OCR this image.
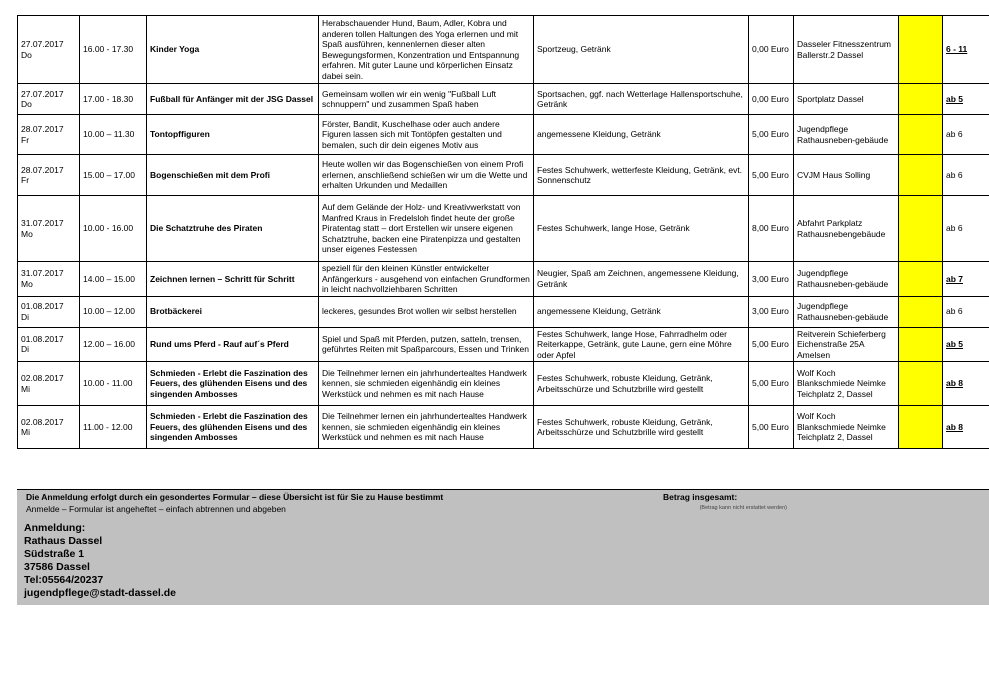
27.07.2017
Do	16.00 - 17.30	Kinder Yoga	Herabschauender Hund, Baum, Adler, Kobra und anderen tollen Haltungen des Yoga erlernen und mit Spaß ausführen, kennenlernen dieser alten Bewegungsformen, Konzentration und Entspannung erfahren. Mit guter Laune und körperlichen Einsatz dabei sein.	Sportzeug, Getränk	0,00 Euro	Dasseler Fitnesszentrum Ballerstr.2 Dassel		6 - 11

27.07.2017
Do	17.00 - 18.30	Fußball für Anfänger mit der JSG Dassel	Gemeinsam wollen wir ein wenig "Fußball Luft schnuppern" und zusammen Spaß haben	Sportsachen, ggf. nach Wetterlage Hallensportschuhe, Getränk	0,00 Euro	Sportplatz Dassel		ab 5

28.07.2017
Fr	10.00 – 11.30	Tontopffiguren	Förster, Bandit, Kuschelhase oder auch andere Figuren lassen sich mit Tontöpfen gestalten und bemalen, such dir dein eigenes Motiv aus	angemessene Kleidung, Getränk	5,00 Euro	Jugendpflege Rathausneben-gebäude		ab 6

28.07.2017
Fr	15.00 – 17.00	Bogenschießen mit dem Profi	Heute wollen wir das Bogenschießen von einem Profi erlernen, anschließend schießen wir um die Wette und erhalten Urkunden und Medaillen	Festes Schuhwerk, wetterfeste Kleidung, Getränk, evt. Sonnenschutz	5,00 Euro	CVJM Haus Solling		ab 6

31.07.2017
Mo	10.00 - 16.00	Die Schatztruhe des Piraten	Auf dem Gelände der Holz- und Kreativwerkstatt von Manfred Kraus in Fredelsloh findet heute der große Piratentag statt – dort Erstellen wir unsere eigenen Schatztruhe, backen eine Piratenpizza und gestalten unser eigenes Festessen	Festes Schuhwerk, lange Hose, Getränk	8,00 Euro	Abfahrt Parkplatz Rathausnebengebäude		ab 6

31.07.2017
Mo	14.00 – 15.00	Zeichnen lernen – Schritt für Schritt	speziell für den kleinen Künstler entwickelter Anfängerkurs - ausgehend von einfachen Grundformen in leicht nachvollziehbaren Schritten	Neugier, Spaß am Zeichnen, angemessene Kleidung, Getränk	3,00 Euro	Jugendpflege Rathausneben-gebäude		ab 7

01.08.2017
Di	10.00 – 12.00	Brotbäckerei	leckeres, gesundes Brot wollen wir selbst herstellen	angemessene Kleidung, Getränk	3,00 Euro	Jugendpflege Rathausneben-gebäude		ab 6

01.08.2017
Di	12.00 – 16.00	Rund ums Pferd - Rauf auf´s Pferd	Spiel und Spaß mit Pferden, putzen, satteln, trensen, geführtes Reiten mit Spaßparcours, Essen und Trinken	Festes Schuhwerk, lange Hose, Fahrradhelm oder Reiterkappe, Getränk, gute Laune, gern eine Möhre oder Apfel	5,00 Euro	Reitverein Schieferberg Eichenstraße 25A Amelsen		ab 5

02.08.2017
Mi	10.00 - 11.00	Schmieden - Erlebt die Faszination des Feuers, des glühenden Eisens und des singenden Ambosses	Die Teilnehmer lernen ein jahrhundertealtes Handwerk kennen, sie schmieden eigenhändig ein kleines Werkstück und nehmen es mit nach Hause	Festes Schuhwerk, robuste Kleidung, Getränk, Arbeitsschürze und Schutzbrille wird gestellt	5,00 Euro	Wolf Koch Blankschmiede Neimke Teichplatz 2, Dassel		ab 8

02.08.2017
Mi	11.00 - 12.00	Schmieden - Erlebt die Faszination des Feuers, des glühenden Eisens und des singenden Ambosses	Die Teilnehmer lernen ein jahrhundertealtes Handwerk kennen, sie schmieden eigenhändig ein kleines Werkstück und nehmen es mit nach Hause	Festes Schuhwerk, robuste Kleidung, Getränk, Arbeitsschürze und Schutzbrille wird gestellt	5,00 Euro	Wolf Koch Blankschmiede Neimke Teichplatz 2, Dassel		ab 8
Die Anmeldung erfolgt durch ein gesondertes Formular – diese Übersicht ist für Sie zu Hause bestimmt
Anmelde – Formular ist angeheftet – einfach abtrennen und abgeben
Betrag insgesamt:
(Betrag kann nicht erstattet werden)
Anmeldung:
Rathaus Dassel
Südstraße 1
37586 Dassel
Tel:05564/20237
jugendpflege@stadt-dassel.de
